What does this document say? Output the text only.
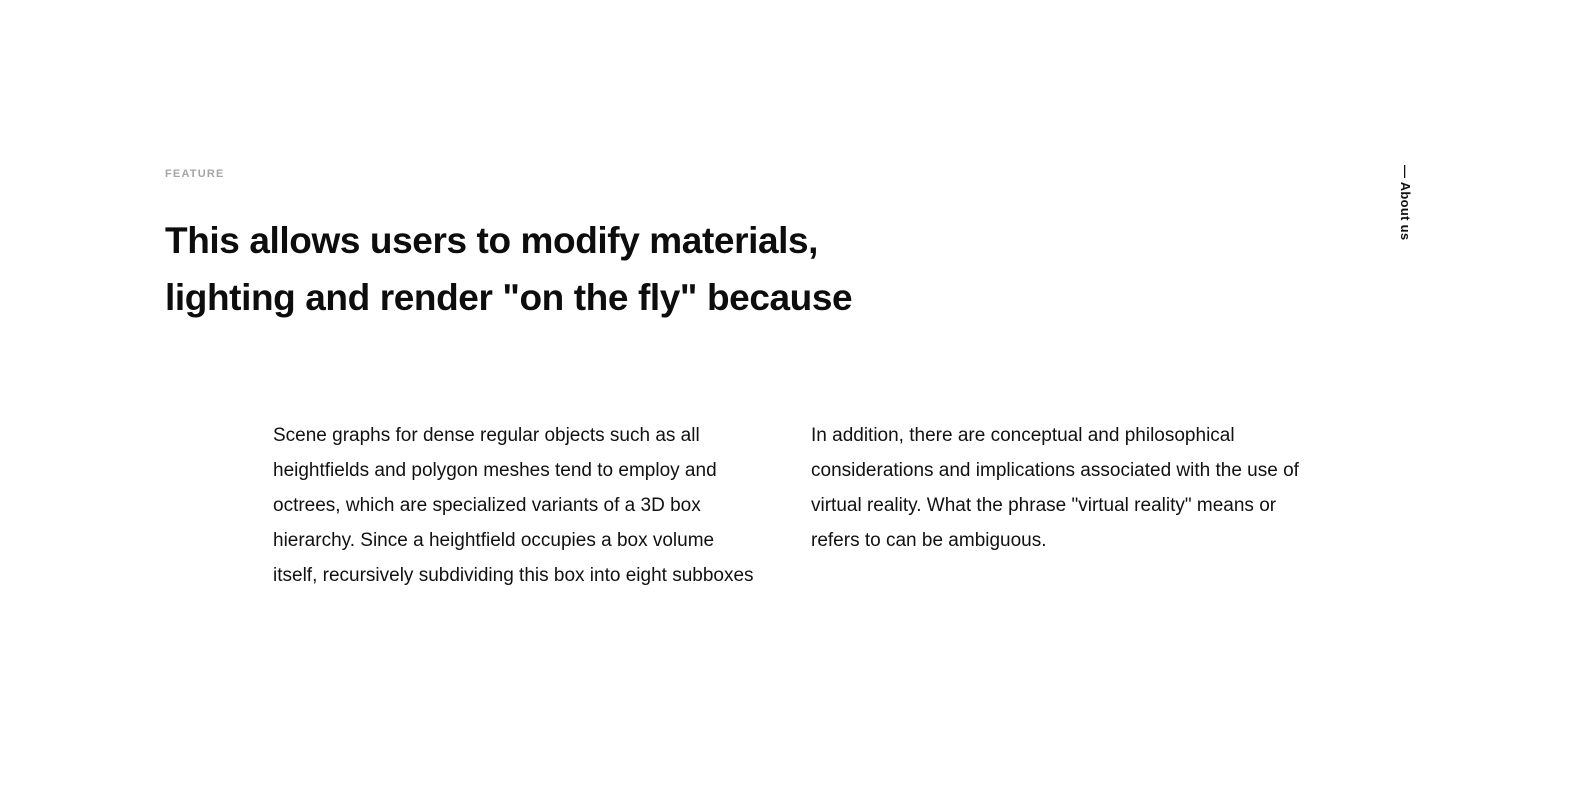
FEATURE
This allows users to modify materials, lighting and render "on the fly" because

Scene graphs for dense regular objects such as all heightfields and polygon meshes tend to employ and octrees, which are specialized variants of a 3D box hierarchy. Since a heightfield occupies a box volume itself, recursively subdividing this box into eight subboxes

In addition, there are conceptual and philosophical considerations and implications associated with the use of virtual reality. What the phrase "virtual reality" means or refers to can be ambiguous.

— About us
